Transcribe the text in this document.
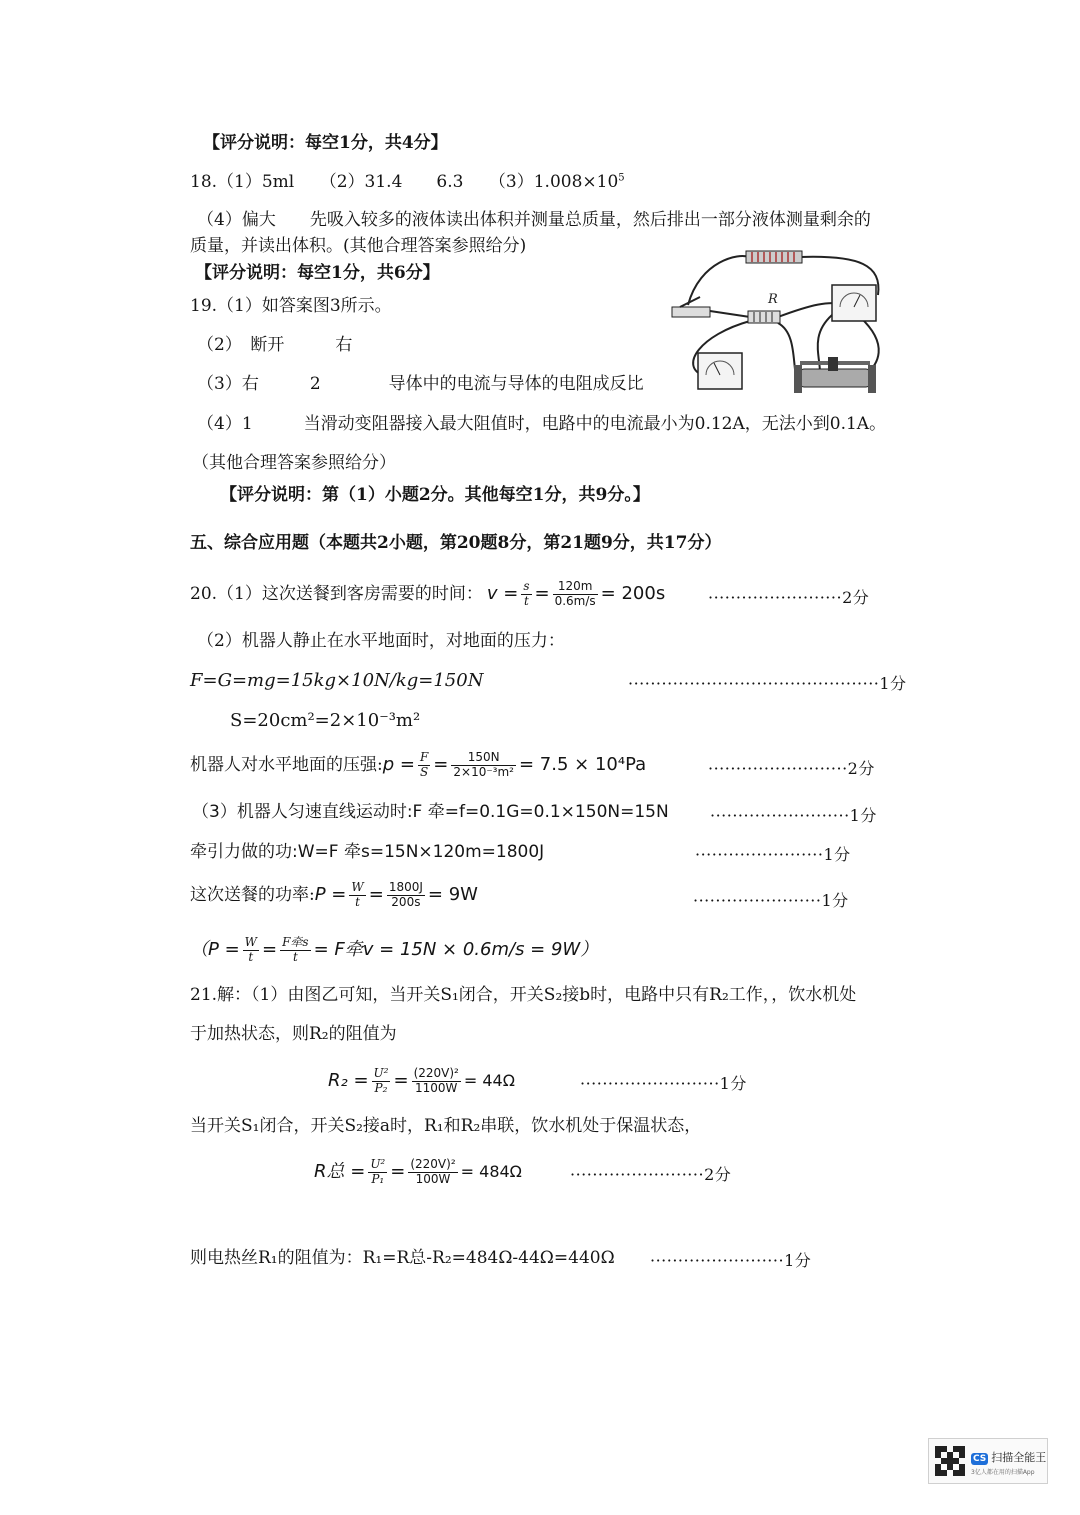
【评分说明：每空1分，共4分】
18.（1）5ml　　（2）31.4　　6.3　　$(3)1.008\times 10^5$
（4）偏大　　先吸入较多的液体读出体积并测量总质量，然后排出一部分液体测量剩余的
质量，并读出体积。(其他合理答案参照给分)
【评分说明：每空1分，共6分】
19.（1）如答案图3所示。
（2）　断开　　　右
（3）右　　　2　　　　导体中的电流与导体的电阻成反比
（4）1　　　当滑动变阻器接入最大阻值时，电路中的电流最小为0.12A，无法小到0.1A。
（其他合理答案参照给分）
【评分说明：第（1）小题2分。其他每空1分，共9分。】
R
五、综合应用题（本题共2小题，第20题8分，第21题9分，共17分）
20.（1）这次送餐到客房需要的时间： $v = \frac{s}{t} = \frac{120m}{0.6m/s} = 200s$	························2分
（2）机器人静止在水平地面时，对地面的压力：
F=G=mg=15kg×10N/kg=150N	·············································1分
S=20cm²=2×10⁻³m²
机器人对水平地面的压强: $p = \frac{F}{S} = \frac{150N}{\text{2×10⁻³m²}} = 7.5 \times 10^4Pa$	·························2分
（3）机器人匀速直线运动时:F 牵=f=0.1G=0.1×150N=15N	·························1分
牵引力做的功:W=F 牵s=15N×120m=1800J	·······················1分
这次送餐的功率: $P = \frac{W}{t} = \frac{1800J}{200s} = 9W$	·······················1分
（$P = \frac{W}{t} = \frac{\text{F牵s}}{t} = F$牵v = 15N × 0.6m/s = 9W）
21.解：（1）由图乙可知，当开关S₁闭合，开关S₂接b时，电路中只有R₂工作，，饮水机处
于加热状态，则R₂的阻值为
$R_2 = \frac{\text{U²}}{\text{P₂}} = \frac{\text{(220V)²}}{1100W} = 44\Omega$	·························1分
当开关S₁闭合，开关S₂接a时，R₁和R₂串联，饮水机处于保温状态，
R总 = $\frac{\text{U²}}{\text{P₁}} = \frac{\text{(220V)²}}{100W} = 484\Omega$	························2分
则电热丝R₁的阻值为：R₁=R总-R₂=484Ω-44Ω=440Ω ························1分
CS 扫描全能王
3亿人都在用的扫描App
